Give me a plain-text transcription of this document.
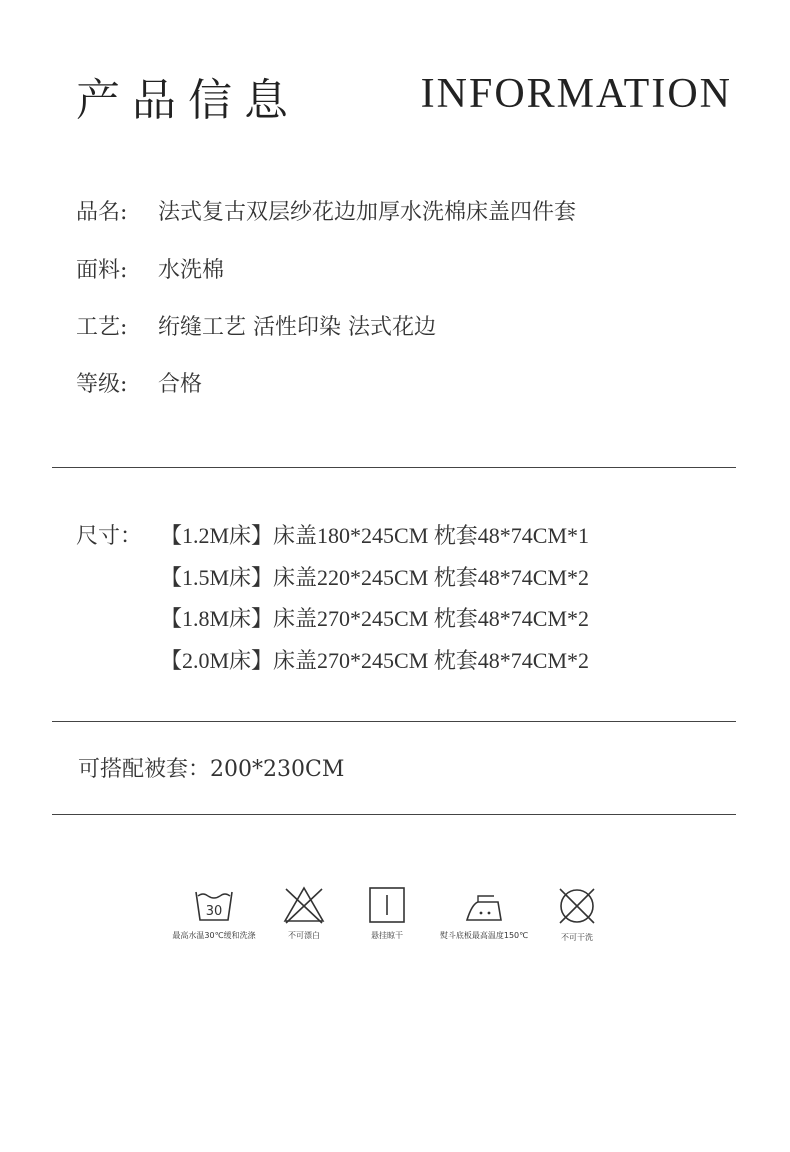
产品信息	INFORMATION
品名: 法式复古双层纱花边加厚水洗棉床盖四件套
面料: 水洗棉
工艺: 绗缝工艺 活性印染 法式花边
等级: 合格
尺寸： 【1.2M床】床盖180*245CM 枕套48*74CM*1
【1.5M床】床盖220*245CM 枕套48*74CM*2
【1.8M床】床盖270*245CM 枕套48*74CM*2
【2.0M床】床盖270*245CM 枕套48*74CM*2
可搭配被套：200*230CM
30
最高水温30℃缓和洗涤	不可漂白	悬挂晾干	熨斗底板最高温度150℃	不可干洗
